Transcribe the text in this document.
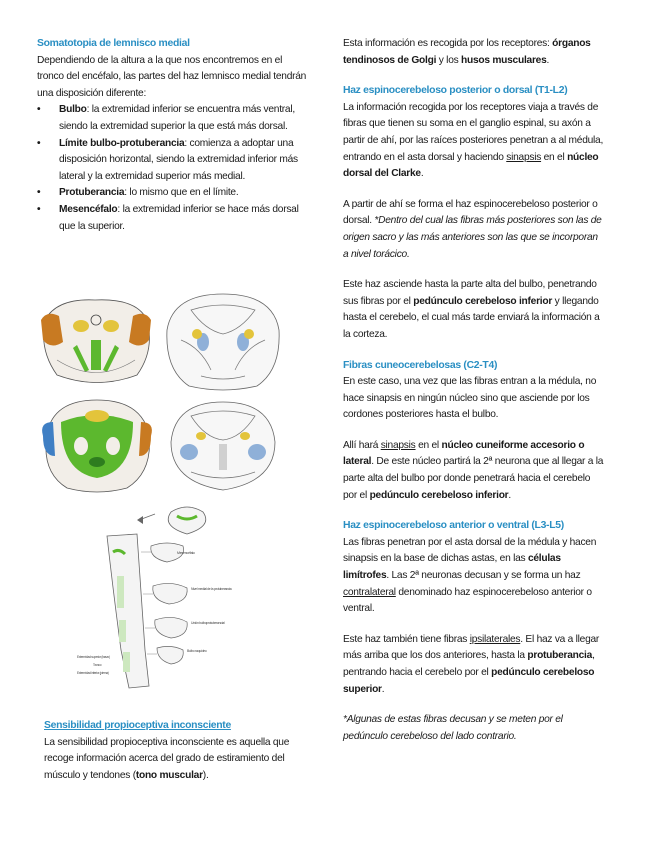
Somatotopia de lemnisco medial

Dependiendo de la altura a la que nos encontremos en el tronco del encéfalo, las partes del haz lemnisco medial tendrán una disposición diferente:

• Bulbo: la extremidad inferior se encuentra más ventral, siendo la extremidad superior la que está más dorsal.
• Límite bulbo-protuberancia: comienza a adoptar una disposición horizontal, siendo la extremidad inferior más lateral y la extremidad superior más medial.
• Protuberancia: lo mismo que en el límite.
• Mesencéfalo: la extremidad inferior se hace más dorsal que la superior.
Mesencéfalo
Nivel medial de la protuberancia
Unión bulboprotuberancial
Bulbo raquídeo
Extremidad superior (brazo)
Tronco
Extremidad inferior (pierna)
Sensibilidad propioceptiva inconsciente

La sensibilidad propioceptiva inconsciente es aquella que recoge información acerca del grado de estiramiento del músculo y tendones (tono muscular).

Esta información es recogida por los receptores: órganos tendinosos de Golgi y los husos musculares.

Haz espinocerebeloso posterior o dorsal (T1-L2)

La información recogida por los receptores viaja a través de fibras que tienen su soma en el ganglio espinal, su axón a partir de ahí, por las raíces posteriores penetran a al médula, entrando en el asta dorsal y haciendo sinapsis en el núcleo dorsal del Clarke.

A partir de ahí se forma el haz espinocerebeloso posterior o dorsal. *Dentro del cual las fibras más posteriores son las de origen sacro y las más anteriores son las que se incorporan a nivel torácico.

Este haz asciende hasta la parte alta del bulbo, penetrando sus fibras por el pedúnculo cerebeloso inferior y llegando hasta el cerebelo, el cual más tarde enviará la información a la corteza.

Fibras cuneocerebelosas (C2-T4)

En este caso, una vez que las fibras entran a la médula, no hace sinapsis en ningún núcleo sino que asciende por los cordones posteriores hasta el bulbo.

Allí hará sinapsis en el núcleo cuneiforme accesorio o lateral. De este núcleo partirá la 2ª neurona que al llegar a la parte alta del bulbo por donde penetrará hacia el cerebelo por el pedúnculo cerebeloso inferior.

Haz espinocerebeloso anterior o ventral (L3-L5)

Las fibras penetran por el asta dorsal de la médula y hacen sinapsis en la base de dichas astas, en las células limítrofes. Las 2ª neuronas decusan y se forma un haz contralateral denominado haz espinocerebeloso anterior o ventral.

Este haz también tiene fibras ipsilaterales. El haz va a llegar más arriba que los dos anteriores, hasta la protuberancia, pentrando hacia el cerebelo por el pedúnculo cerebeloso superior.

*Algunas de estas fibras decusan y se meten por el pedúnculo cerebeloso del lado contrario.
